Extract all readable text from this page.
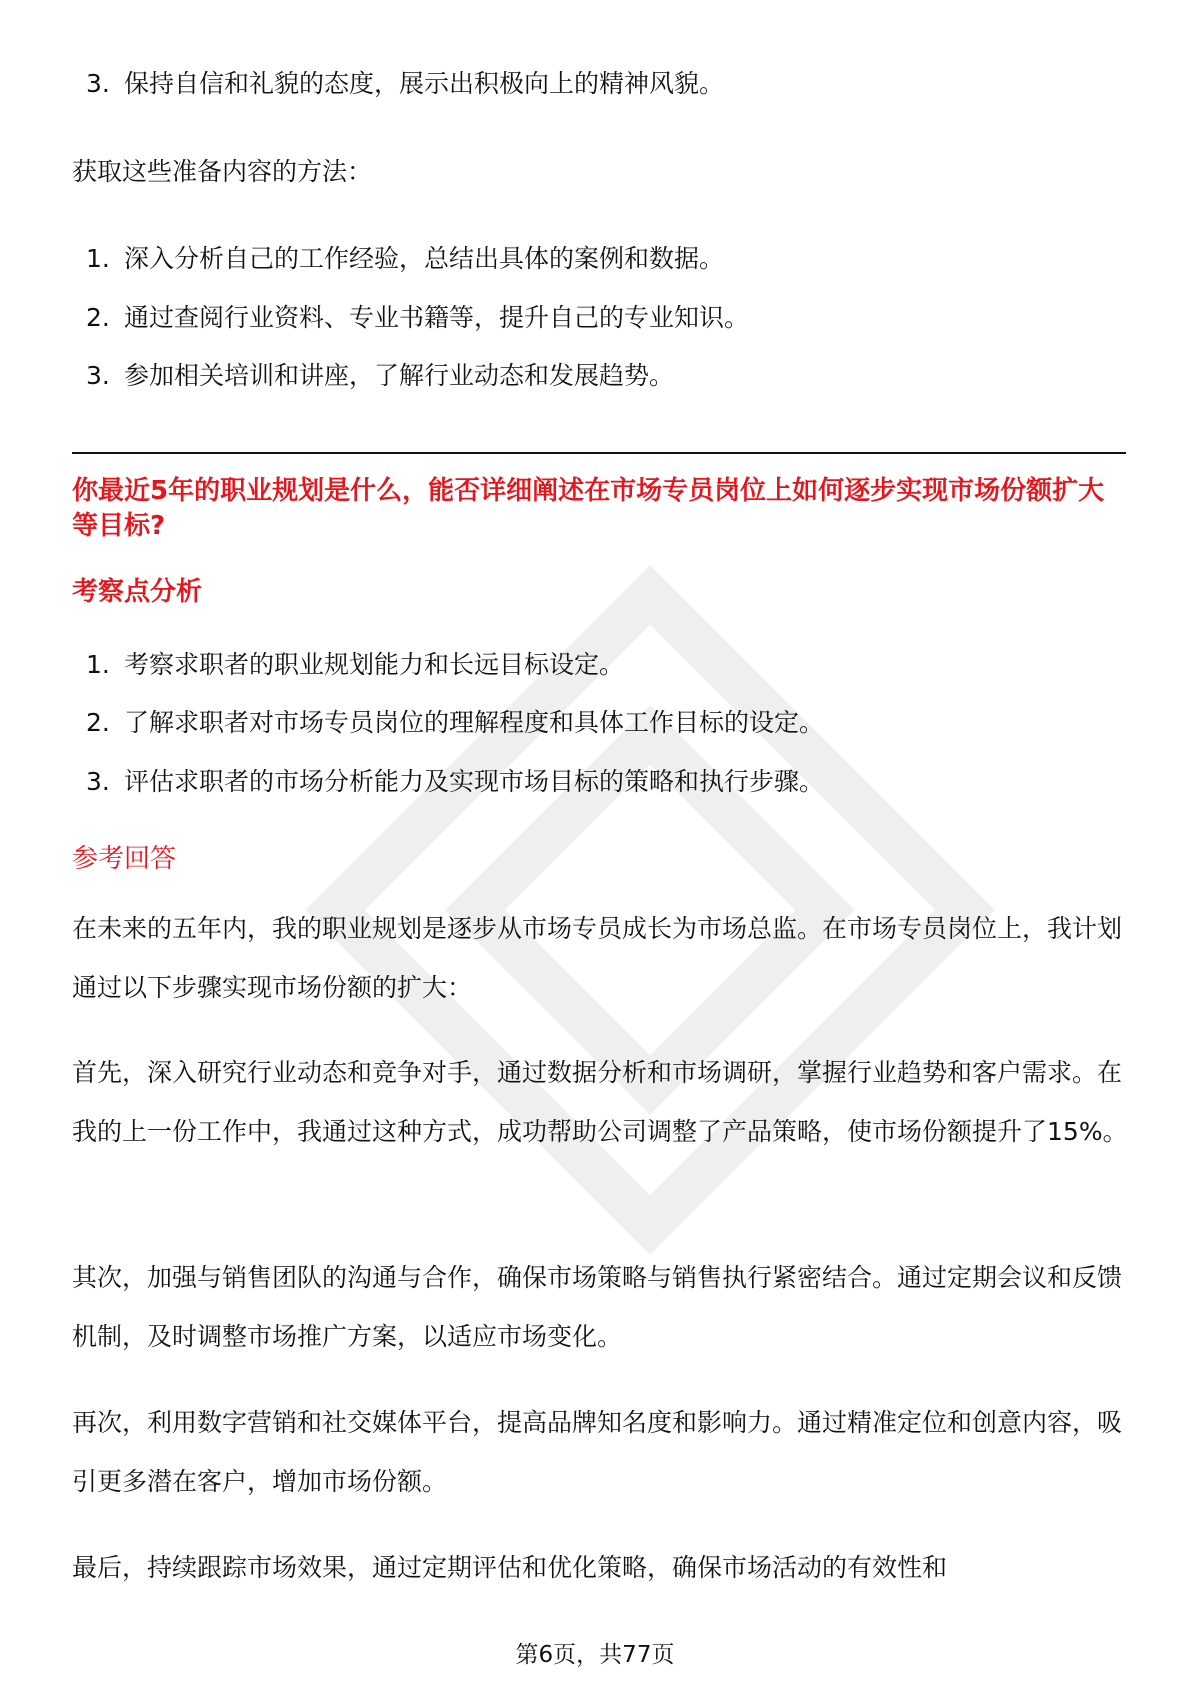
3. 保持自信和礼貌的态度，展示出积极向上的精神风貌。
获取这些准备内容的方法：
1. 深入分析自己的工作经验，总结出具体的案例和数据。
2. 通过查阅行业资料、专业书籍等，提升自己的专业知识。
3. 参加相关培训和讲座，了解行业动态和发展趋势。
你最近5年的职业规划是什么，能否详细阐述在市场专员岗位上如何逐步实现市场份额扩大等目标?
考察点分析
1. 考察求职者的职业规划能力和长远目标设定。
2. 了解求职者对市场专员岗位的理解程度和具体工作目标的设定。
3. 评估求职者的市场分析能力及实现市场目标的策略和执行步骤。
参考回答
在未来的五年内，我的职业规划是逐步从市场专员成长为市场总监。在市场专员岗位上，我计划通过以下步骤实现市场份额的扩大：
首先，深入研究行业动态和竞争对手，通过数据分析和市场调研，掌握行业趋势和客户需求。在我的上一份工作中，我通过这种方式，成功帮助公司调整了产品策略，使市场份额提升了15%。
其次，加强与销售团队的沟通与合作，确保市场策略与销售执行紧密结合。通过定期会议和反馈机制，及时调整市场推广方案，以适应市场变化。
再次，利用数字营销和社交媒体平台，提高品牌知名度和影响力。通过精准定位和创意内容，吸引更多潜在客户，增加市场份额。
最后，持续跟踪市场效果，通过定期评估和优化策略，确保市场活动的有效性和
第6页，共77页
